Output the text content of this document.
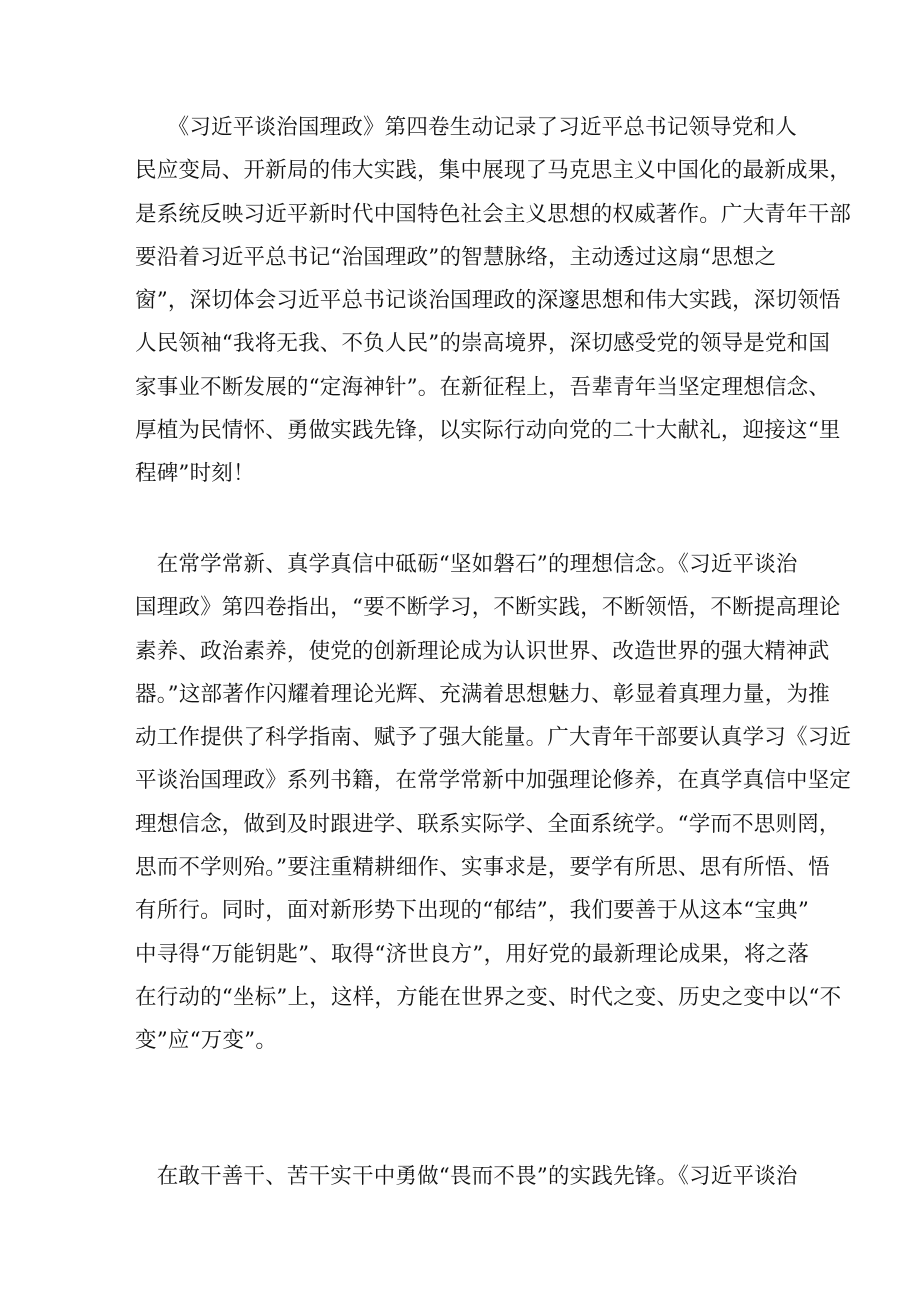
　　《习近平谈治国理政》第四卷生动记录了习近平总书记领导党和人
民应变局、开新局的伟大实践，集中展现了马克思主义中国化的最新成果，
是系统反映习近平新时代中国特色社会主义思想的权威著作。广大青年干部
要沿着习近平总书记“治国理政”的智慧脉络，主动透过这扇“思想之
窗”，深切体会习近平总书记谈治国理政的深邃思想和伟大实践，深切领悟
人民领袖“我将无我、不负人民”的崇高境界，深切感受党的领导是党和国
家事业不断发展的“定海神针”。在新征程上，吾辈青年当坚定理想信念、
厚植为民情怀、勇做实践先锋，以实际行动向党的二十大献礼，迎接这“里
程碑”时刻！

　在常学常新、真学真信中砥砺“坚如磐石”的理想信念。《习近平谈治
国理政》第四卷指出，“要不断学习，不断实践，不断领悟，不断提高理论
素养、政治素养，使党的创新理论成为认识世界、改造世界的强大精神武
器。”这部著作闪耀着理论光辉、充满着思想魅力、彰显着真理力量，为推
动工作提供了科学指南、赋予了强大能量。广大青年干部要认真学习《习近
平谈治国理政》系列书籍，在常学常新中加强理论修养，在真学真信中坚定
理想信念，做到及时跟进学、联系实际学、全面系统学。“学而不思则罔，
思而不学则殆。”要注重精耕细作、实事求是，要学有所思、思有所悟、悟
有所行。同时，面对新形势下出现的“郁结”，我们要善于从这本“宝典”
中寻得“万能钥匙”、取得“济世良方”，用好党的最新理论成果，将之落
在行动的“坐标”上，这样，方能在世界之变、时代之变、历史之变中以“不
变”应“万变”。

　在敢干善干、苦干实干中勇做“畏而不畏”的实践先锋。《习近平谈治
